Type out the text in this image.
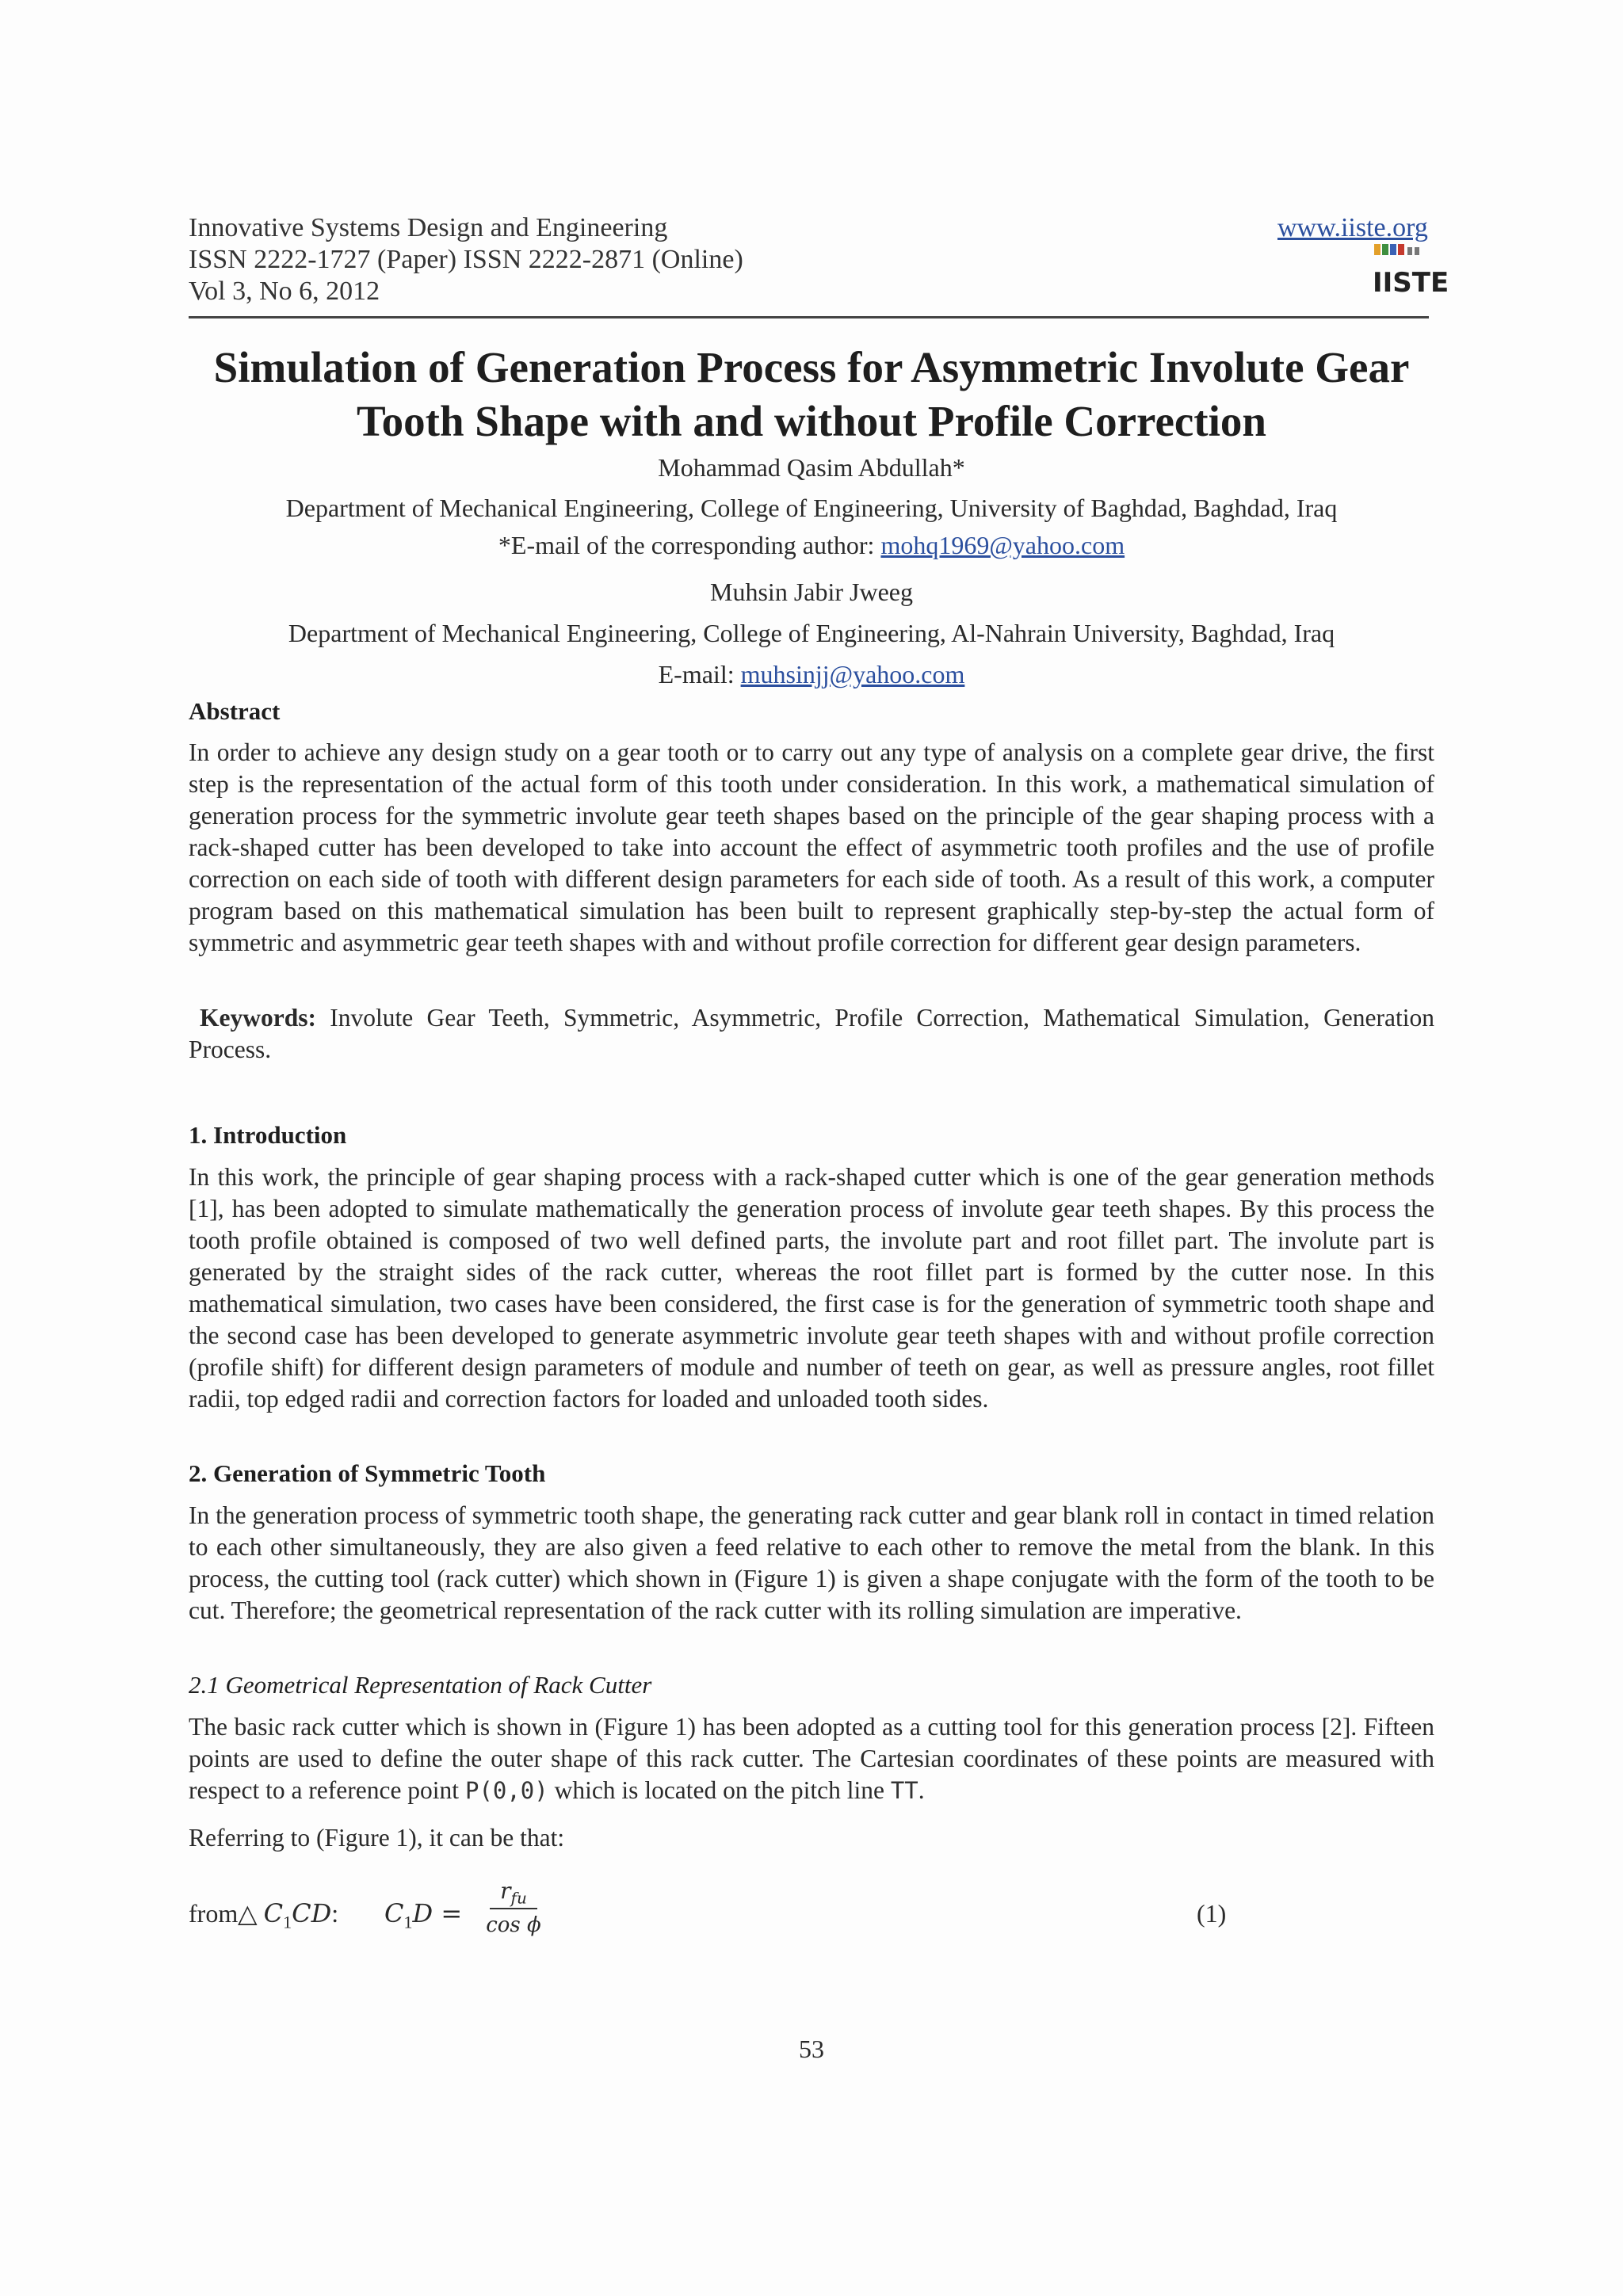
Innovative Systems Design and Engineering
ISSN 2222-1727 (Paper) ISSN 2222-2871 (Online)
Vol 3, No 6, 2012
www.iiste.org
IISTE
Simulation of Generation Process for Asymmetric Involute Gear
Tooth Shape with and without Profile Correction
Mohammad Qasim Abdullah*
Department of Mechanical Engineering, College of Engineering, University of Baghdad, Baghdad, Iraq
*E-mail of the corresponding author: mohq1969@yahoo.com
Muhsin Jabir Jweeg
Department of Mechanical Engineering, College of Engineering, Al-Nahrain University, Baghdad, Iraq
E-mail: muhsinjj@yahoo.com
Abstract
In order to achieve any design study on a gear tooth or to carry out any type of analysis on a complete gear drive, the first step is the representation of the actual form of this tooth under consideration. In this work, a mathematical simulation of generation process for the symmetric involute gear teeth shapes based on the principle of the gear shaping process with a rack-shaped cutter has been developed to take into account the effect of asymmetric tooth profiles and the use of profile correction on each side of tooth with different design parameters for each side of tooth. As a result of this work, a computer program based on this mathematical simulation has been built to represent graphically step-by-step the actual form of symmetric and asymmetric gear teeth shapes with and without profile correction for different gear design parameters.
Keywords: Involute Gear Teeth, Symmetric, Asymmetric, Profile Correction, Mathematical Simulation, Generation Process.
1. Introduction
In this work, the principle of gear shaping process with a rack-shaped cutter which is one of the gear generation methods [1], has been adopted to simulate mathematically the generation process of involute gear teeth shapes. By this process the tooth profile obtained is composed of two well defined parts, the involute part and root fillet part. The involute part is generated by the straight sides of the rack cutter, whereas the root fillet part is formed by the cutter nose. In this mathematical simulation, two cases have been considered, the first case is for the generation of symmetric tooth shape and the second case has been developed to generate asymmetric involute gear teeth shapes with and without profile correction (profile shift) for different design parameters of module and number of teeth on gear, as well as pressure angles, root fillet radii, top edged radii and correction factors for loaded and unloaded tooth sides.
2. Generation of Symmetric Tooth
In the generation process of symmetric tooth shape, the generating rack cutter and gear blank roll in contact in timed relation to each other simultaneously, they are also given a feed relative to each other to remove the metal from the blank. In this process, the cutting tool (rack cutter) which shown in (Figure 1) is given a shape conjugate with the form of the tooth to be cut. Therefore; the geometrical representation of the rack cutter with its rolling simulation are imperative.
2.1 Geometrical Representation of Rack Cutter
The basic rack cutter which is shown in (Figure 1) has been adopted as a cutting tool for this generation process [2]. Fifteen points are used to define the outer shape of this rack cutter. The Cartesian coordinates of these points are measured with respect to a reference point P(0,0) which is located on the pitch line TT.
Referring to (Figure 1), it can be that:
from △ $C_1CD$: $C_1D$ =
$r_{fu}$
cos ϕ	(1)
53
